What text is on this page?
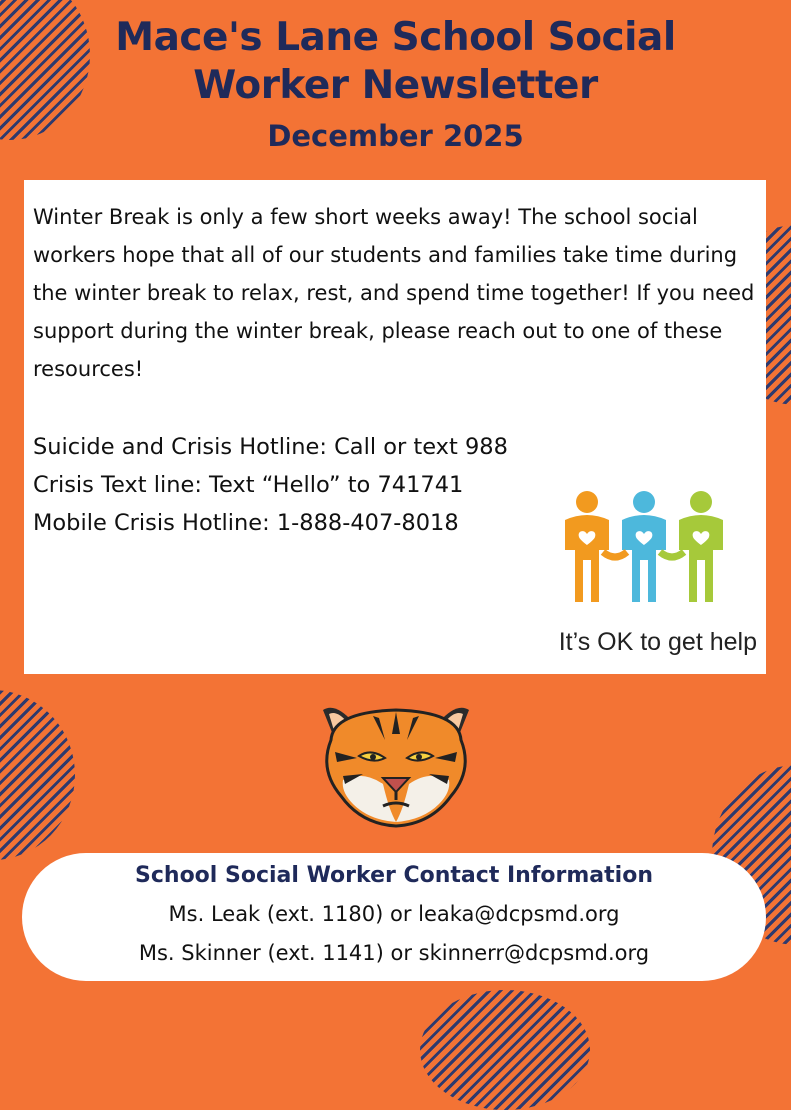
Mace's Lane School Social
Worker Newsletter
December 2025

Winter Break is only a few short weeks away! The school social workers hope that all of our students and families take time during the winter break to relax, rest, and spend time together! If you need support during the winter break, please reach out to one of these resources!

Suicide and Crisis Hotline: Call or text 988
Crisis Text line: Text “Hello” to 741741
Mobile Crisis Hotline: 1-888-407-8018
It’s OK to get help
School Social Worker Contact Information
Ms. Leak (ext. 1180) or leaka@dcpsmd.org
Ms. Skinner (ext. 1141) or skinnerr@dcpsmd.org
